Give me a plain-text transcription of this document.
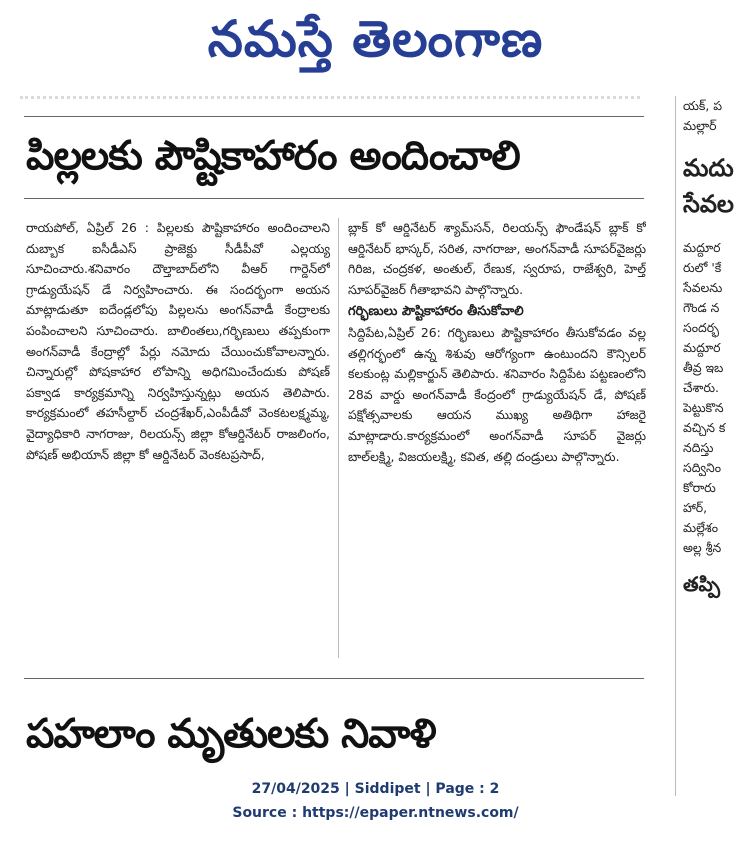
నమస్తే తెలంగాణ
పిల్లలకు పౌష్టికాహారం అందించాలి

రాయపోల్, ఏప్రిల్ 26 : పిల్లలకు పౌష్టికాహారం అందించాలని దుబ్బాక ఐసీడీఎస్ ప్రాజెక్టు సీడీపీవో ఎల్లయ్య సూచించారు.శనివారం దౌల్తాబాద్‌లోని వీఆర్ గార్డెన్‌లో గ్రాడ్యుయేషన్ డే నిర్వహించారు. ఈ సందర్భంగా అయన మాట్లాడుతూ ఐదేండ్లలోపు పిల్లలను అంగన్‌వాడీ కేంద్రాలకు పంపించాలని సూచించారు. బాలింతలు,గర్భిణులు తప్పకుంగా అంగన్‌వాడీ కేంద్రాల్లో పేర్లు నమోదు చేయించుకోవాలన్నారు. చిన్నారుల్లో పోషకాహార లోపాన్ని అధిగమించేందుకు పోషణ్ పక్వాడ కార్యక్రమాన్ని నిర్వహిస్తున్నట్లు అయన తెలిపారు. కార్యక్రమంలో తహసీల్దార్ చంద్రశేఖర్,ఎంపీడీవో వెంకటలక్ష్మమ్మ, వైద్యాధికారి నాగరాజు, రిలయన్స్ జిల్లా కోఆర్డినేటర్ రాజలింగం, పోషణ్ అభియాన్ జిల్లా కో ఆర్డినేటర్ వెంకటప్రసాద్,

బ్లాక్ కో ఆర్డినేటర్ శ్యామ్‌సన్, రిలయన్స్ ఫౌండేషన్ బ్లాక్ కో ఆర్డినేటర్ భాస్కర్, సరిత, నాగరాజు, అంగన్‌వాడీ సూపర్‌వైజర్లు గిరిజ, చంద్రకళ, అంతుల్, రేణుక, స్వరూప, రాజేశ్వరి, హెల్త్ సూపర్‌వైజర్ గీతాభావని పాల్గొన్నారు.

గర్భిణులు పౌష్టికాహారం తీసుకోవాలి

సిద్దిపేట,ఏప్రిల్ 26: గర్భిణులు పౌష్టికాహారం తీసుకోవడం వల్ల తల్లిగర్భంలో ఉన్న శిశువు ఆరోగ్యంగా ఉంటుందని కౌన్సిలర్ కలకుంట్ల మల్లికార్జున్ తెలిపారు. శనివారం సిద్దిపేట పట్టణంలోని 28వ వార్డు అంగన్‌వాడీ కేంద్రంలో గ్రాడ్యుయేషన్ డే, పోషణ్ పక్షోత్సవాలకు ఆయన ముఖ్య అతిథిగా హాజరై మాట్లాడారు.కార్యక్రమంలో అంగన్‌వాడీ సూపర్ వైజర్లు బాల్‌లక్ష్మి, విజయలక్ష్మి, కవిత, తల్లి దండ్రులు పాల్గొన్నారు.

పహలాం మృతులకు నివాళి
యక్, ప
మల్లార్
మదు
సేవల
మద్దూర
రులో 'కే
సేవలను
గౌండ న
సందర్భ
మద్దూర
తీవ్ర ఇబ
చేశారు.
పెట్టుకొన
వచ్చిన క
నదిస్తు
సద్వినిం
కోరారు
హార్,
మల్లేశం
అల్ల శ్రీన
తప్పి
27/04/2025 | Siddipet | Page : 2
Source : https://epaper.ntnews.com/
